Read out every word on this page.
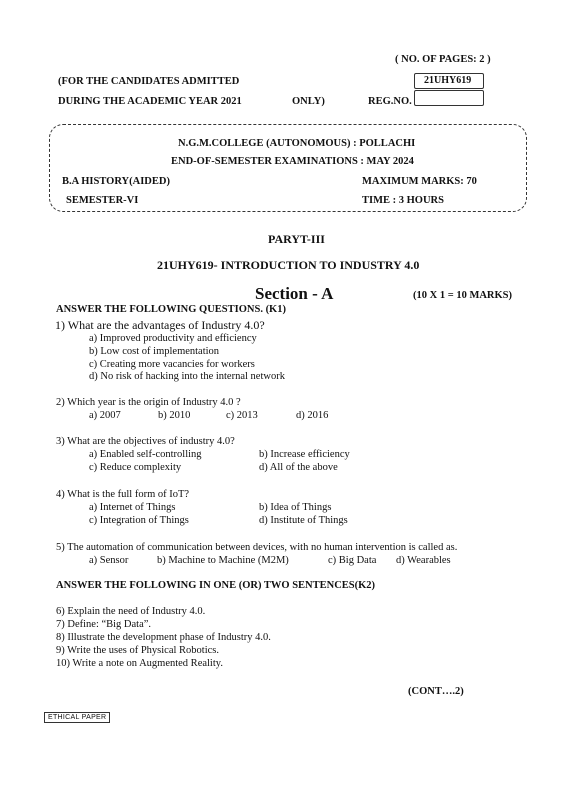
( NO. OF PAGES: 2 )
(FOR THE CANDIDATES ADMITTED	21UHY619
DURING THE ACADEMIC YEAR 2021	ONLY)	REG.NO.
N.G.M.COLLEGE (AUTONOMOUS) : POLLACHI
END-OF-SEMESTER EXAMINATIONS : MAY 2024
B.A HISTORY(AIDED)	MAXIMUM MARKS: 70
SEMESTER-VI	TIME : 3 HOURS
PARYT-III
21UHY619- INTRODUCTION TO INDUSTRY 4.0
Section - A	(10 X 1 = 10 MARKS)
ANSWER THE FOLLOWING QUESTIONS. (K1)
1) What are the advantages of Industry 4.0?
a) Improved productivity and efficiency
b) Low cost of implementation
c) Creating more vacancies for workers
d) No risk of hacking into the internal network
2) Which year is the origin of Industry 4.0 ?
a) 2007	b) 2010	c) 2013	d) 2016
3) What are the objectives of industry 4.0?
a) Enabled self-controlling	b) Increase efficiency
c) Reduce complexity	d) All of the above
4) What is the full form of IoT?
a) Internet of Things	b) Idea of Things
c) Integration of Things	d) Institute of Things
5) The automation of communication between devices, with no human intervention is called as.
a) Sensor	b) Machine to Machine (M2M)	c) Big Data d) Wearables
ANSWER THE FOLLOWING IN ONE (OR) TWO SENTENCES(K2)
6) Explain the need of Industry 4.0.
7) Define: “Big Data”.
8) Illustrate the development phase of Industry 4.0.
9) Write the uses of Physical Robotics.
10) Write a note on Augmented Reality.
(CONT….2)
ETHICAL PAPER
